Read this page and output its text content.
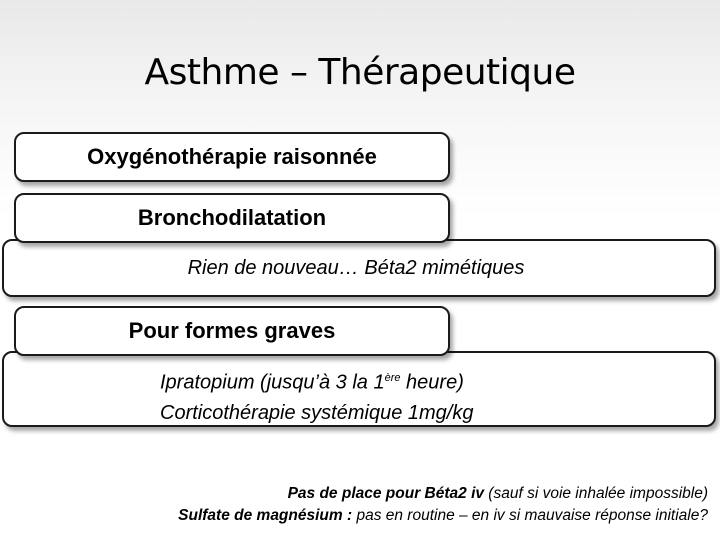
Asthme – Thérapeutique
Oxygénothérapie raisonnée
Rien de nouveau… Béta2 mimétiques
Bronchodilatation
Ipratopium (jusqu’à 3 la 1ère heure)
Corticothérapie systémique 1mg/kg
Pour formes graves
Pas de place pour Béta2 iv (sauf si voie inhalée impossible)
Sulfate de magnésium : pas en routine – en iv si mauvaise réponse initiale?
